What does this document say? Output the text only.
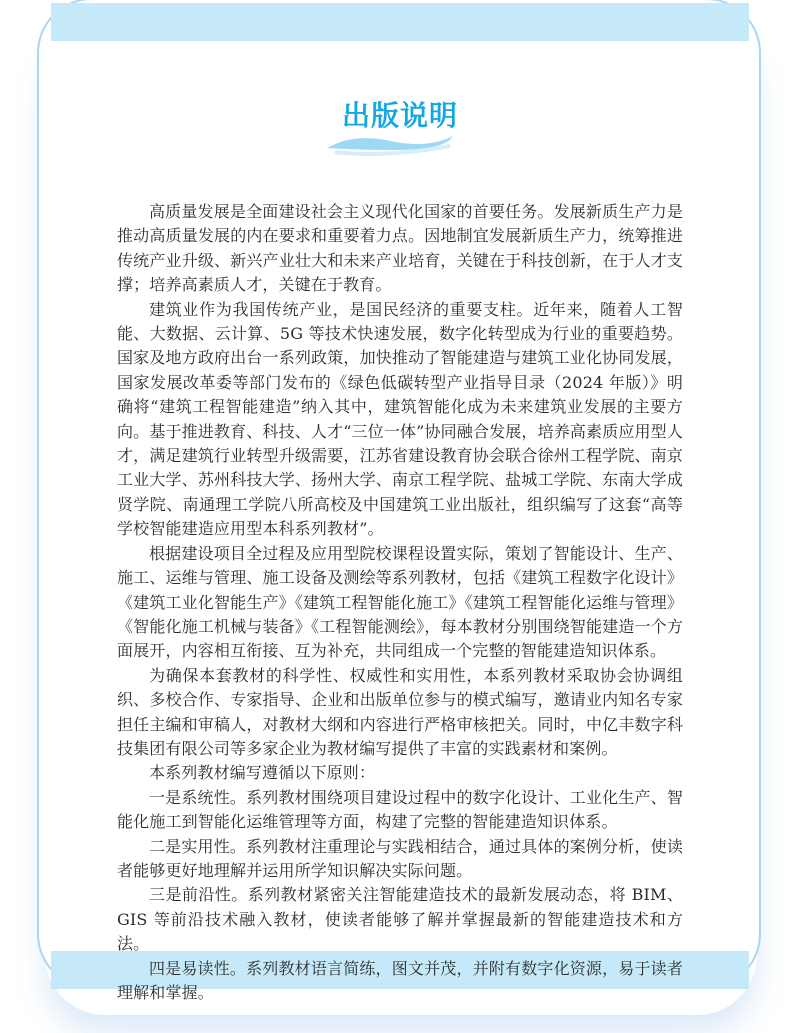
出版说明

高质量发展是全面建设社会主义现代化国家的首要任务。发展新质生产力是推动高质量发展的内在要求和重要着力点。因地制宜发展新质生产力，统筹推进传统产业升级、新兴产业壮大和未来产业培育，关键在于科技创新，在于人才支撑；培养高素质人才，关键在于教育。

建筑业作为我国传统产业，是国民经济的重要支柱。近年来，随着人工智能、大数据、云计算、5G 等技术快速发展，数字化转型成为行业的重要趋势。国家及地方政府出台一系列政策，加快推动了智能建造与建筑工业化协同发展，国家发展改革委等部门发布的《绿色低碳转型产业指导目录（2024 年版）》明确将“建筑工程智能建造”纳入其中，建筑智能化成为未来建筑业发展的主要方向。基于推进教育、科技、人才“三位一体”协同融合发展，培养高素质应用型人才，满足建筑行业转型升级需要，江苏省建设教育协会联合徐州工程学院、南京工业大学、苏州科技大学、扬州大学、南京工程学院、盐城工学院、东南大学成贤学院、南通理工学院八所高校及中国建筑工业出版社，组织编写了这套“高等学校智能建造应用型本科系列教材”。

根据建设项目全过程及应用型院校课程设置实际，策划了智能设计、生产、施工、运维与管理、施工设备及测绘等系列教材，包括《建筑工程数字化设计》《建筑工业化智能生产》《建筑工程智能化施工》《建筑工程智能化运维与管理》《智能化施工机械与装备》《工程智能测绘》，每本教材分别围绕智能建造一个方面展开，内容相互衔接、互为补充，共同组成一个完整的智能建造知识体系。

为确保本套教材的科学性、权威性和实用性，本系列教材采取协会协调组织、多校合作、专家指导、企业和出版单位参与的模式编写，邀请业内知名专家担任主编和审稿人，对教材大纲和内容进行严格审核把关。同时，中亿丰数字科技集团有限公司等多家企业为教材编写提供了丰富的实践素材和案例。

本系列教材编写遵循以下原则：

一是系统性。系列教材围绕项目建设过程中的数字化设计、工业化生产、智能化施工到智能化运维管理等方面，构建了完整的智能建造知识体系。

二是实用性。系列教材注重理论与实践相结合，通过具体的案例分析，使读者能够更好地理解并运用所学知识解决实际问题。

三是前沿性。系列教材紧密关注智能建造技术的最新发展动态，将 BIM、GIS 等前沿技术融入教材，使读者能够了解并掌握最新的智能建造技术和方法。

四是易读性。系列教材语言简练，图文并茂，并附有数字化资源，易于读者理解和掌握。
